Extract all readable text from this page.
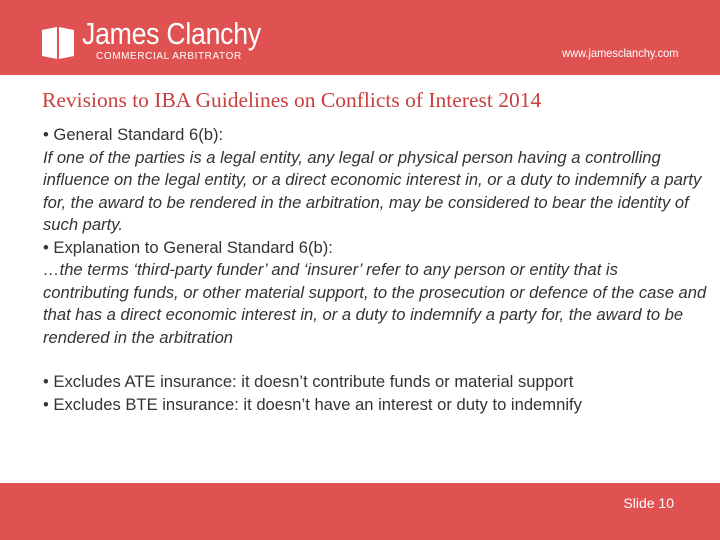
James Clanchy
COMMERCIAL ARBITRATOR	www.jamesclanchy.com
Revisions to IBA Guidelines on Conflicts of Interest 2014

• General Standard 6(b):

If one of the parties is a legal entity, any legal or physical person having a controlling influence on the legal entity, or a direct economic interest in, or a duty to indemnify a party for, the award to be rendered in the arbitration, may be considered to bear the identity of such party.

• Explanation to General Standard 6(b):

…the terms ‘third-party funder’ and ‘insurer’ refer to any person or entity that is contributing funds, or other material support, to the prosecution or defence of the case and that has a direct economic interest in, or a duty to indemnify a party for, the award to be rendered in the arbitration

• Excludes ATE insurance: it doesn’t contribute funds or material support

• Excludes BTE insurance: it doesn’t have an interest or duty to indemnify

Slide 10
